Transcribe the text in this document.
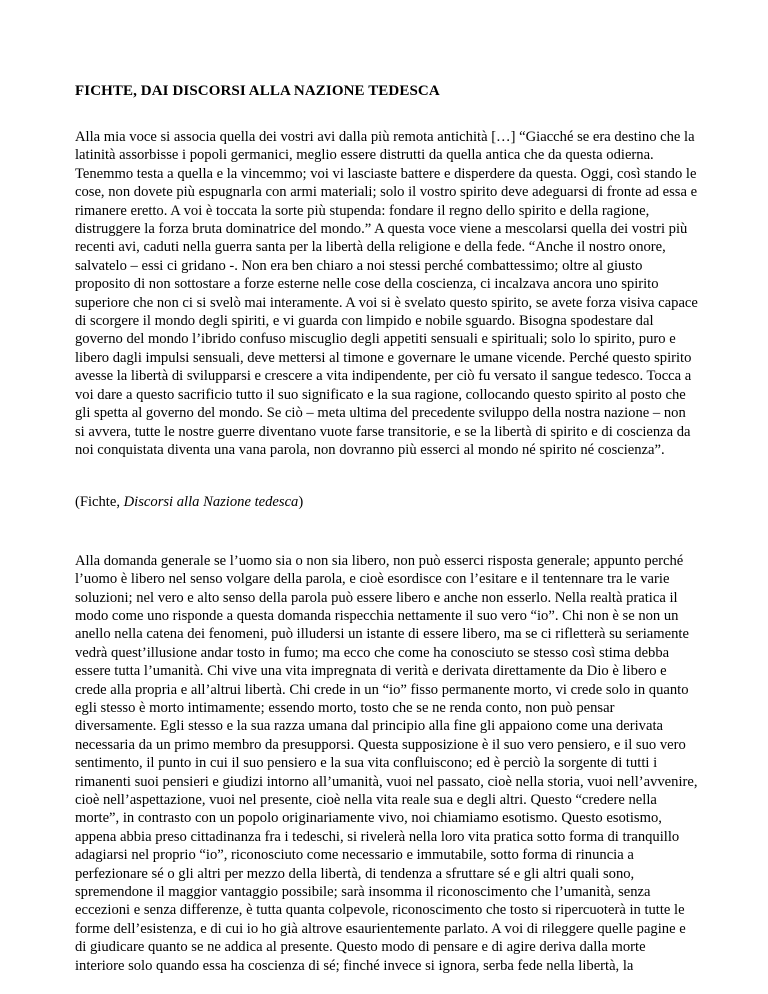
FICHTE, DAI DISCORSI ALLA NAZIONE TEDESCA

Alla mia voce si associa quella dei vostri avi dalla più remota antichità […] “Giacché se era destino che la latinità assorbisse i popoli germanici, meglio essere distrutti da quella antica che da questa odierna. Tenemmo testa a quella e la vincemmo; voi vi lasciaste battere e disperdere da questa. Oggi, così stando le cose, non dovete più espugnarla con armi materiali; solo il vostro spirito deve adeguarsi di fronte ad essa e rimanere eretto. A voi è toccata la sorte più stupenda: fondare il regno dello spirito e della ragione, distruggere la forza bruta dominatrice del mondo.” A questa voce viene a mescolarsi quella dei vostri più recenti avi, caduti nella guerra santa per la libertà della religione e della fede. “Anche il nostro onore, salvatelo – essi ci gridano -. Non era ben chiaro a noi stessi perché combattessimo; oltre al giusto proposito di non sottostare a forze esterne nelle cose della coscienza, ci incalzava ancora uno spirito superiore che non ci si svelò mai interamente. A voi si è svelato questo spirito, se avete forza visiva capace di scorgere il mondo degli spiriti, e vi guarda con limpido e nobile sguardo. Bisogna spodestare dal governo del mondo l’ibrido confuso miscuglio degli appetiti sensuali e spirituali; solo lo spirito, puro e libero dagli impulsi sensuali, deve mettersi al timone e governare le umane vicende. Perché questo spirito avesse la libertà di svilupparsi e crescere a vita indipendente, per ciò fu versato il sangue tedesco. Tocca a voi dare a questo sacrificio tutto il suo significato e la sua ragione, collocando questo spirito al posto che gli spetta al governo del mondo. Se ciò – meta ultima del precedente sviluppo della nostra nazione – non si avvera, tutte le nostre guerre diventano vuote farse transitorie, e se la libertà di spirito e di coscienza da noi conquistata diventa una vana parola, non dovranno più esserci al mondo né spirito né coscienza”.

(Fichte, Discorsi alla Nazione tedesca)

Alla domanda generale se l’uomo sia o non sia libero, non può esserci risposta generale; appunto perché l’uomo è libero nel senso volgare della parola, e cioè esordisce con l’esitare e il tentennare tra le varie soluzioni; nel vero e alto senso della parola può essere libero e anche non esserlo. Nella realtà pratica il modo come uno risponde a questa domanda rispecchia nettamente il suo vero “io”. Chi non è se non un anello nella catena dei fenomeni, può illudersi un istante di essere libero, ma se ci rifletterà su seriamente vedrà quest’illusione andar tosto in fumo; ma ecco che come ha conosciuto se stesso così stima debba essere tutta l’umanità. Chi vive una vita impregnata di verità e derivata direttamente da Dio è libero e crede alla propria e all’altrui libertà. Chi crede in un “io” fisso permanente morto, vi crede solo in quanto egli stesso è morto intimamente; essendo morto, tosto che se ne renda conto, non può pensar diversamente. Egli stesso e la sua razza umana dal principio alla fine gli appaiono come una derivata necessaria da un primo membro da presupporsi. Questa supposizione è il suo vero pensiero, e il suo vero sentimento, il punto in cui il suo pensiero e la sua vita confluiscono; ed è perciò la sorgente di tutti i rimanenti suoi pensieri e giudizi intorno all’umanità, vuoi nel passato, cioè nella storia, vuoi nell’avvenire, cioè nell’aspettazione, vuoi nel presente, cioè nella vita reale sua e degli altri. Questo “credere nella morte”, in contrasto con un popolo originariamente vivo, noi chiamiamo esotismo. Questo esotismo, appena abbia preso cittadinanza fra i tedeschi, si rivelerà nella loro vita pratica sotto forma di tranquillo adagiarsi nel proprio “io”, riconosciuto come necessario e immutabile, sotto forma di rinuncia a perfezionare sé o gli altri per mezzo della libertà, di tendenza a sfruttare sé e gli altri quali sono, spremendone il maggior vantaggio possibile; sarà insomma il riconoscimento che l’umanità, senza eccezioni e senza differenze, è tutta quanta colpevole, riconoscimento che tosto si ripercuoterà in tutte le forme dell’esistenza, e di cui io ho già altrove esaurientemente parlato. A voi di rileggere quelle pagine e di giudicare quanto se ne addica al presente. Questo modo di pensare e di agire deriva dalla morte interiore solo quando essa ha coscienza di sé; finché invece si ignora, serba fede nella libertà, la
